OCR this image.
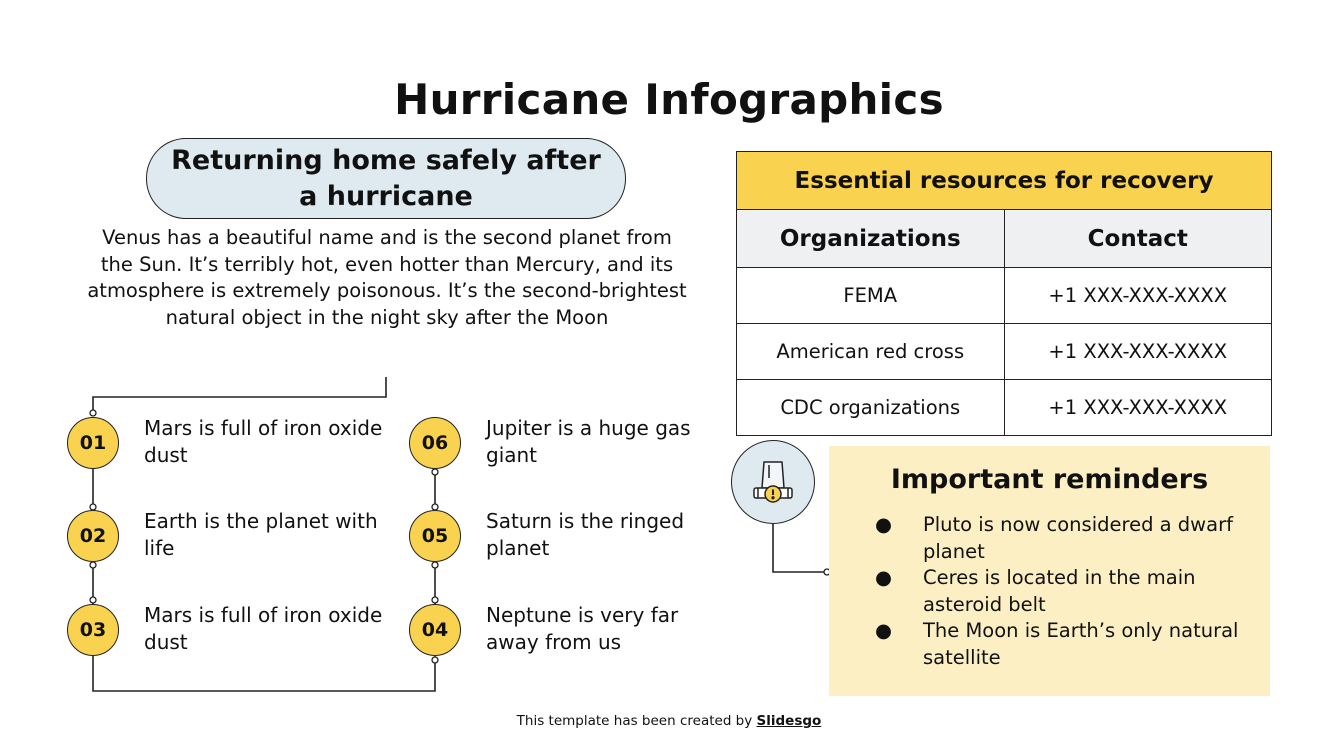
Hurricane Infographics
Returning home safely after a hurricane
Venus has a beautiful name and is the second planet from the Sun. It’s terribly hot, even hotter than Mercury, and its atmosphere is extremely poisonous. It’s the second-brightest natural object in the night sky after the Moon
01
Mars is full of iron oxide dust
02
Earth is the planet with life
03
Mars is full of iron oxide dust	04
Neptune is very far away from us
05
Saturn is the ringed planet
06
Jupiter is a huge gas giant
Essential resources for recovery	
Organizations	Contact
FEMA	+1 XXX-XXX-XXXX
American red cross	+1 XXX-XXX-XXXX
CDC organizations	+1 XXX-XXX-XXXX
Important reminders
● Pluto is now considered a dwarf planet
● Ceres is located in the main asteroid belt
● The Moon is Earth’s only natural satellite
This template has been created by Slidesgo
